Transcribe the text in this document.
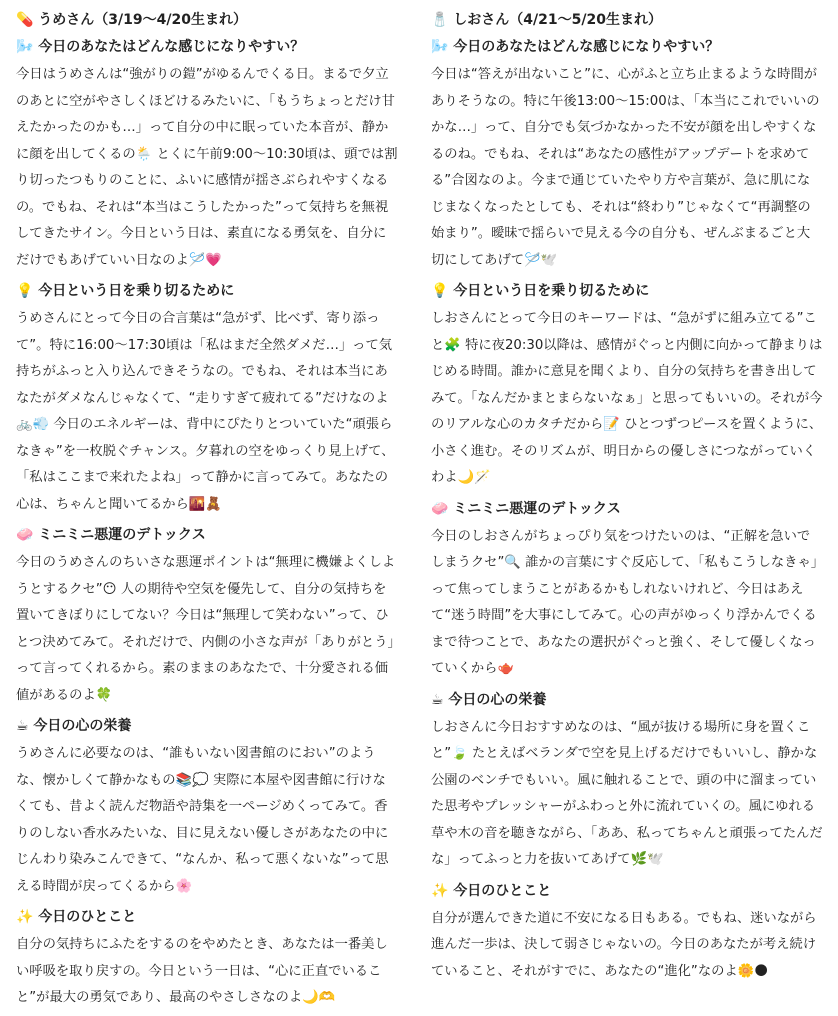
💊 うめさん（3/19〜4/20生まれ）
🌬️ 今日のあなたはどんな感じになりやすい？
今日はうめさんは“強がりの鎧”がゆるんでくる日。まるで夕立のあとに空がやさしくほどけるみたいに、「もうちょっとだけ甘えたかったのかも…」って自分の中に眠っていた本音が、静かに顔を出してくるの🌦️ とくに午前9:00〜10:30頃は、頭では割り切ったつもりのことに、ふいに感情が揺さぶられやすくなるの。でもね、それは“本当はこうしたかった”って気持ちを無視してきたサイン。今日という日は、素直になる勇気を、自分にだけでもあげていい日なのよ🪡💗
💡 今日という日を乗り切るために
うめさんにとって今日の合言葉は“急がず、比べず、寄り添って”。特に16:00〜17:30頃は「私はまだ全然ダメだ…」って気持ちがふっと入り込んできそうなの。でもね、それは本当にあなたがダメなんじゃなくて、“走りすぎて疲れてる”だけなのよ🚲💨 今日のエネルギーは、背中にぴたりとついていた“頑張らなきゃ”を一枚脱ぐチャンス。夕暮れの空をゆっくり見上げて、「私はここまで来れたよね」って静かに言ってみて。あなたの心は、ちゃんと聞いてるから🌇🧸
🧼 ミニミニ悪運のデトックス
今日のうめさんのちいさな悪運ポイントは“無理に機嫌よくしようとするクセ”😶 人の期待や空気を優先して、自分の気持ちを置いてきぼりにしてない？今日は“無理して笑わない”って、ひとつ決めてみて。それだけで、内側の小さな声が「ありがとう」って言ってくれるから。素のままのあなたで、十分愛される価値があるのよ🍀
☕ 今日の心の栄養
うめさんに必要なのは、“誰もいない図書館のにおい”のような、懐かしくて静かなもの📚💭 実際に本屋や図書館に行けなくても、昔よく読んだ物語や詩集を一ページめくってみて。香りのしない香水みたいな、目に見えない優しさがあなたの中にじんわり染みこんできて、“なんか、私って悪くないな”って思える時間が戻ってくるから🌸
✨ 今日のひとこと
自分の気持ちにふたをするのをやめたとき、あなたは一番美しい呼吸を取り戻すの。今日という一日は、“心に正直でいること”が最大の勇気であり、最高のやさしさなのよ🌙🫶
🧂 しおさん（4/21〜5/20生まれ）
🌬️ 今日のあなたはどんな感じになりやすい？
今日は“答えが出ないこと”に、心がふと立ち止まるような時間がありそうなの。特に午後13:00〜15:00は、「本当にこれでいいのかな…」って、自分でも気づかなかった不安が顔を出しやすくなるのね。でもね、それは“あなたの感性がアップデートを求めてる”合図なのよ。今まで通じていたやり方や言葉が、急に肌になじまなくなったとしても、それは“終わり”じゃなくて“再調整の始まり”。曖昧で揺らいで見える今の自分も、ぜんぶまるごと大切にしてあげて🪡🕊️
💡 今日という日を乗り切るために
しおさんにとって今日のキーワードは、“急がずに組み立てる”こと🧩 特に夜20:30以降は、感情がぐっと内側に向かって静まりはじめる時間。誰かに意見を聞くより、自分の気持ちを書き出してみて。「なんだかまとまらないなぁ」と思ってもいいの。それが今のリアルな心のカタチだから📝 ひとつずつピースを置くように、小さく進む。そのリズムが、明日からの優しさにつながっていくわよ🌙🪄
🧼 ミニミニ悪運のデトックス
今日のしおさんがちょっぴり気をつけたいのは、“正解を急いでしまうクセ”🔍 誰かの言葉にすぐ反応して、「私もこうしなきゃ」って焦ってしまうことがあるかもしれないけれど、今日はあえて“迷う時間”を大事にしてみて。心の声がゆっくり浮かんでくるまで待つことで、あなたの選択がぐっと強く、そして優しくなっていくから🫖
☕ 今日の心の栄養
しおさんに今日おすすめなのは、“風が抜ける場所に身を置くこと”🍃 たとえばベランダで空を見上げるだけでもいいし、静かな公園のベンチでもいい。風に触れることで、頭の中に溜まっていた思考やプレッシャーがふわっと外に流れていくの。風にゆれる草や木の音を聴きながら、「ああ、私ってちゃんと頑張ってたんだな」ってふっと力を抜いてあげて🌿🕊️
✨ 今日のひとこと
自分が選んできた道に不安になる日もある。でもね、迷いながら進んだ一歩は、決して弱さじゃないの。今日のあなたが考え続けていること、それがすでに、あなたの“進化”なのよ🌼🌑
